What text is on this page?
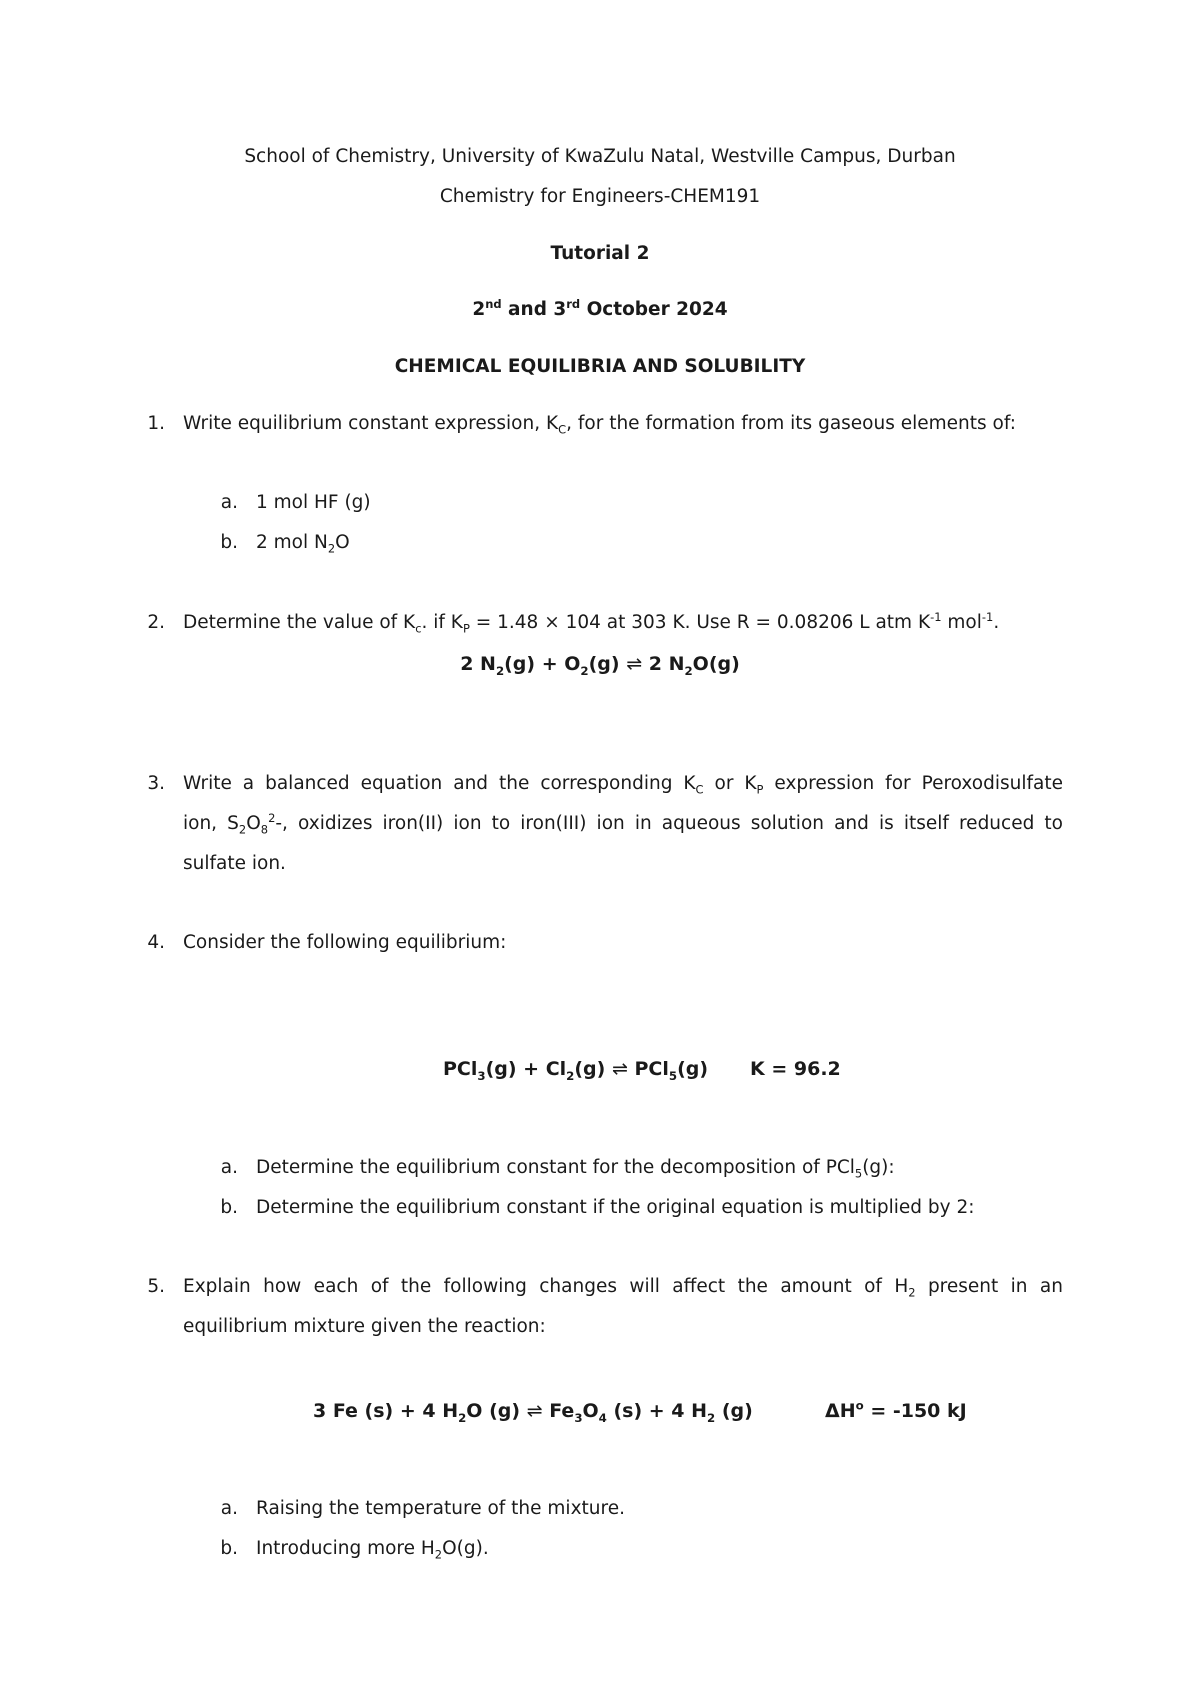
School of Chemistry, University of KwaZulu Natal, Westville Campus, Durban
Chemistry for Engineers-CHEM191
Tutorial 2
2nd and 3rd October 2024
CHEMICAL EQUILIBRIA AND SOLUBILITY
1. Write equilibrium constant expression, $K_C$, for the formation from its gaseous elements of:
a. 1 mol HF (g)
b. 2 mol $N_2O$
2. Determine the value of $K_c$. if $K_P = 1.48 \times 104$ at 303 K. Use R = 0.08206 L atm $K^{-1}$ mol$^{-1}$.
2 $N_2(g) + O_2(g)$ ⇌ 2 $N_2O(g)$
3. Write a balanced equation and the corresponding $K_C$ or $K_P$ expression for Peroxodisulfate
ion, $S_2O_8^2-$, oxidizes iron(II) ion to iron(III) ion in aqueous solution and is itself reduced to
sulfate ion.
4. Consider the following equilibrium:
$PCl_3(g) + Cl_2(g)$ ⇌ PCl$_5$(g) K = 96.2
a. Determine the equilibrium constant for the decomposition of PCl$_5$(g):
b. Determine the equilibrium constant if the original equation is multiplied by 2:
5. Explain how each of the following changes will affect the amount of $H_2$ present in an
equilibrium mixture given the reaction:
3 Fe (s) + 4 $H_2O$ (g) ⇌ $Fe_3O_4$ (s) + 4 $H_2$ (g)	$\Delta H^o = -150$ kJ
a. Raising the temperature of the mixture.
b. Introducing more $H_2O(g)$.
